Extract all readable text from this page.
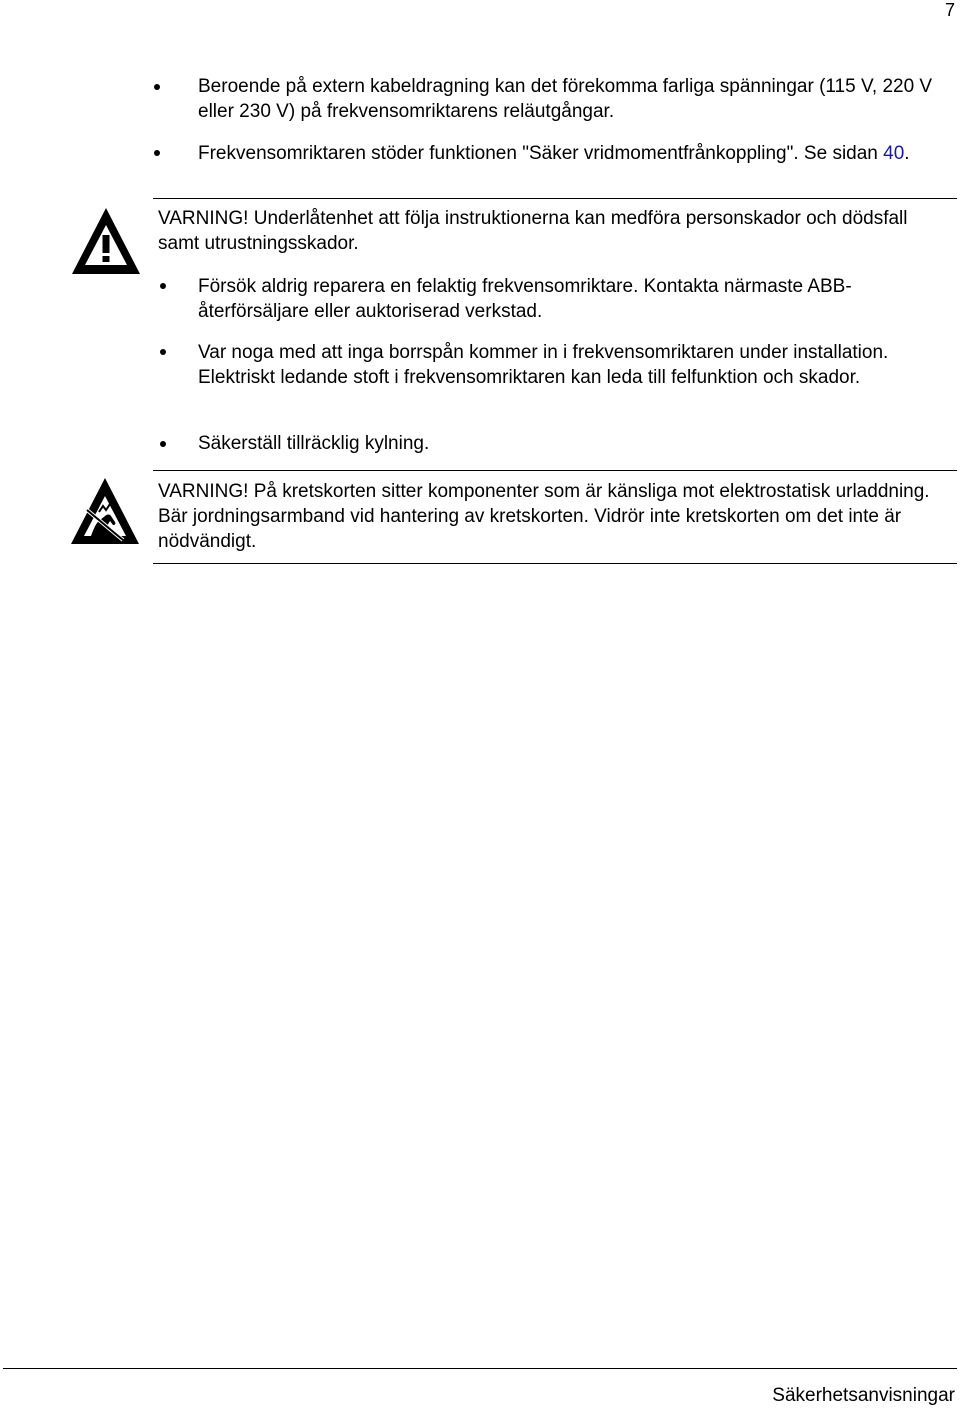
7
Beroende på extern kabeldragning kan det förekomma farliga spänningar (115 V, 220 V eller 230 V) på frekvensomriktarens reläutgångar.
Frekvensomriktaren stöder funktionen "Säker vridmomentfrånkoppling". Se sidan 40.
VARNING! Underlåtenhet att följa instruktionerna kan medföra personskador och dödsfall samt utrustningsskador.
Försök aldrig reparera en felaktig frekvensomriktare. Kontakta närmaste ABB-återförsäljare eller auktoriserad verkstad.
Var noga med att inga borrspån kommer in i frekvensomriktaren under installation. Elektriskt ledande stoft i frekvensomriktaren kan leda till felfunktion och skador.
Säkerställ tillräcklig kylning.
VARNING! På kretskorten sitter komponenter som är känsliga mot elektrostatisk urladdning. Bär jordningsarmband vid hantering av kretskorten. Vidrör inte kretskorten om det inte är nödvändigt.
Säkerhetsanvisningar
